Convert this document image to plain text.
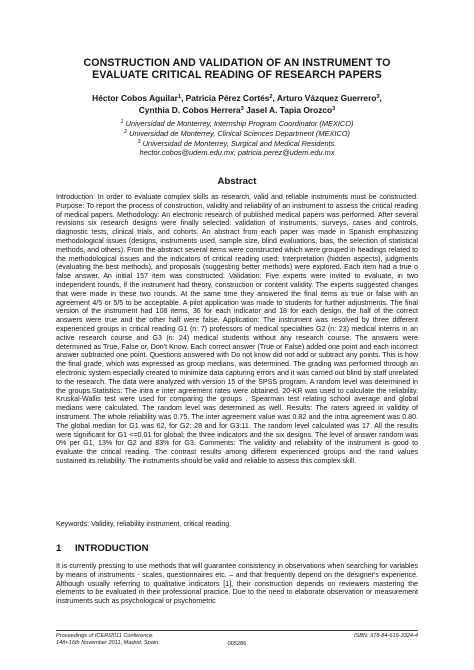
CONSTRUCTION AND VALIDATION OF AN INSTRUMENT TO
EVALUATE CRITICAL READING OF RESEARCH PAPERS
Héctor Cobos Aguilar$^1$, Patricia Pérez Cortés$^2$, Arturo Vázquez Guerrero$^3$,
Cynthia D. Cobos Herrera$^3$ Jasel A. Tapia Orozco$^3$
$^1$ Universidad de Monterrey, Internship Program Coordinator (MEXICO)
$^2$ Universidad de Monterrey, Clinical Sciences Department (MEXICO)
$^3$ Universidad de Monterrey, Surgical and Medical Residents.
hector.cobos@udem.edu.mx, patricia.perez@udem.edu.mx
Abstract
Introduction: In order to evaluate complex skills as research, valid and reliable instruments must be constructed. Purpose: To report the process of construction, validity and reliability of an instrument to assess the critical reading of medical papers. Methodology: An electronic research of published medical papers was performed. After several revisions six research designs were finally selected: validation of instruments, surveys, cases and controls, diagnostic tests, clinical trials, and cohorts. An abstract from each paper was made in Spanish emphasizing methodological issues (designs, instruments used, sample size, blind evaluations, bias, the selection of statistical methods, and others). From the abstract several items were constructed which were grouped in headings related to the methodological issues and the indicators of critical reading used: Interpretation (hidden aspects), judgments (evaluating the best methods), and proposals (suggesting better methods) were explored. Each item had a true o false answer. An initial 157 item was constructed. Validation: Five experts were invited to evaluate, in two independent rounds, if the instrument had theory, construction or content validity. The experts suggested changes that were made in these two rounds. At the same time they answered the final items as true or false with an agreement 4/5 or 5/5 to be acceptable. A pilot application was made to students for further adjustments. The final version of the instrument had 108 items, 36 for each indicator and 18 for each design, the half of the correct answers were true and the other half were false. Application: The instrument was resolved by three different experienced groups in critical reading G1 (n: 7) professors of medical specialties G2 (n: 23) medical interns in an active research course and G3 (n: 24) medical students without any research course. The answers were determined as True, False or, Don't Know. Each correct answer (True or False) added one point and each incorrect answer subtracted one point. Questions answered with Do not know did not add or subtract any points. This is how the final grade, which was expressed as group medians, was determined. The grading was performed through an electronic system especially created to minimize data capturing errors and it was carried out blind by staff unrelated to the research. The data were analyzed with version 15 of the SPSS program. A random level was determined in the groups.Statistics: The intra e inter agreement rates were obtained. 20-KR was used to calculate the reliability. Kruskal-Wallis test were used for comparing the groups . Spearman test relating school average and global medians were calculated. The random level was determined as well. Results: The raters agreed in validity of instrument. The whole reliability was 0.75. The inter agreement value was 0.82 and the intra agreement was 0.80. The global median for G1 was 62, for G2: 28 and for G3:11. The random level calculated was 17. All the results were significant for G1 <=0.01 for global; the three indicators and the six designs. The level of answer random was 0% per G1, 13% for G2 and 83% for G3. Comments: The validity and reliability of the instrument is good to evaluate the critical reading. The contrast results among different experienced groups and the rand values sustained its reliability. The instruments should be valid and reliable to assess this complex skill.
Keywords: Validity, reliability instrument, critical reading.
1 INTRODUCTION
It is currently pressing to use methods that will guarantee consistency in observations when searching for variables by means of instruments - scales, questionnaires etc. – and that frequently depend on the designer's experience. Although usually referring to qualitative indicators [1], their construction depends on reviewers mastering the elements to be evaluated in their professional practice. Due to the need to elaborate observation or measurement instruments such as psychological or psychometric
Proceedings of ICERI2011 Conference.
14th-16th November 2011, Madrid, Spain.	005286
ISBN: 978-84-615-3324-4
